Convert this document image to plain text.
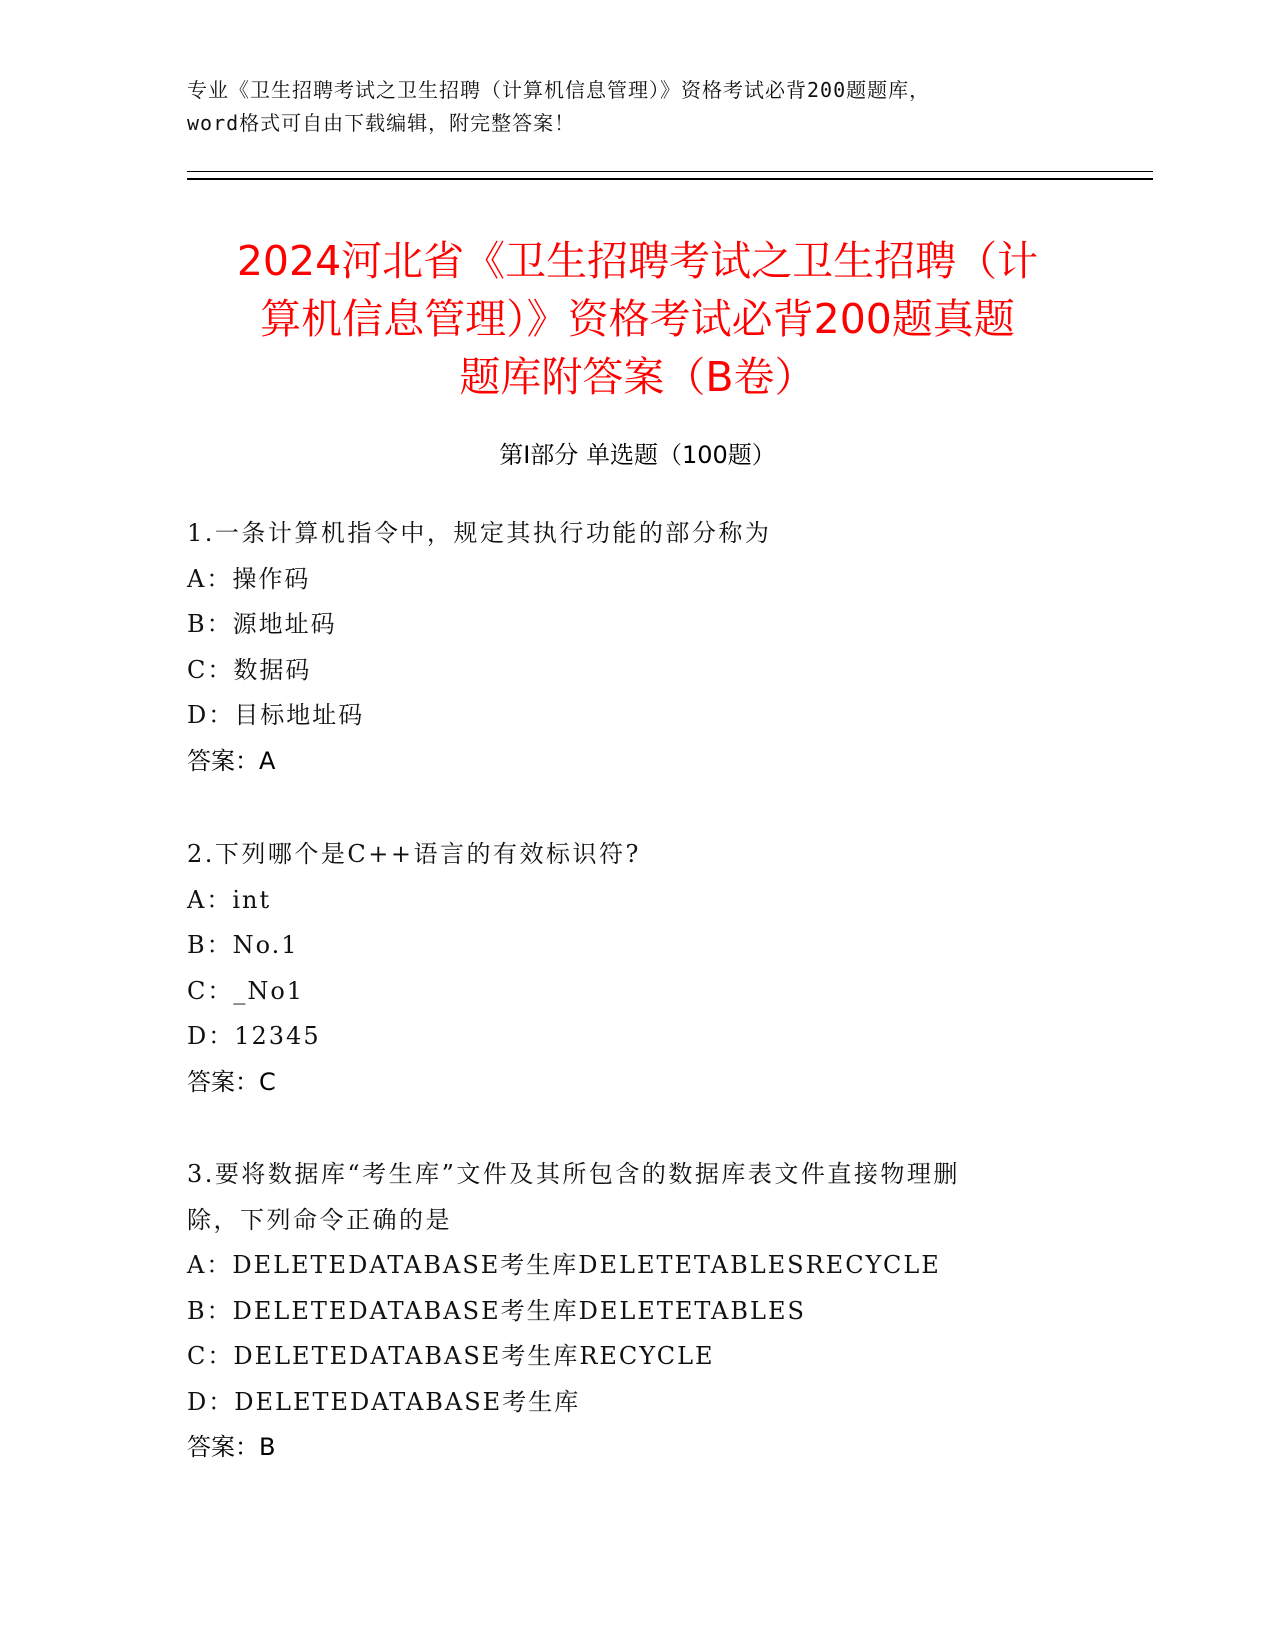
专业《卫生招聘考试之卫生招聘（计算机信息管理）》资格考试必背200题题库，
word格式可自由下载编辑，附完整答案！
2024河北省《卫生招聘考试之卫生招聘（计
算机信息管理）》资格考试必背200题真题
题库附答案（B卷）
第Ⅰ部分 单选题（100题）
1.一条计算机指令中，规定其执行功能的部分称为
A：操作码
B：源地址码
C：数据码
D：目标地址码
答案：A
2.下列哪个是C++语言的有效标识符?
A：int
B：No.1
C：_No1
D：12345
答案：C
3.要将数据库“考生库”文件及其所包含的数据库表文件直接物理删
除，下列命令正确的是
A：DELETEDATABASE考生库DELETETABLESRECYCLE
B：DELETEDATABASE考生库DELETETABLES
C：DELETEDATABASE考生库RECYCLE
D：DELETEDATABASE考生库
答案：B
